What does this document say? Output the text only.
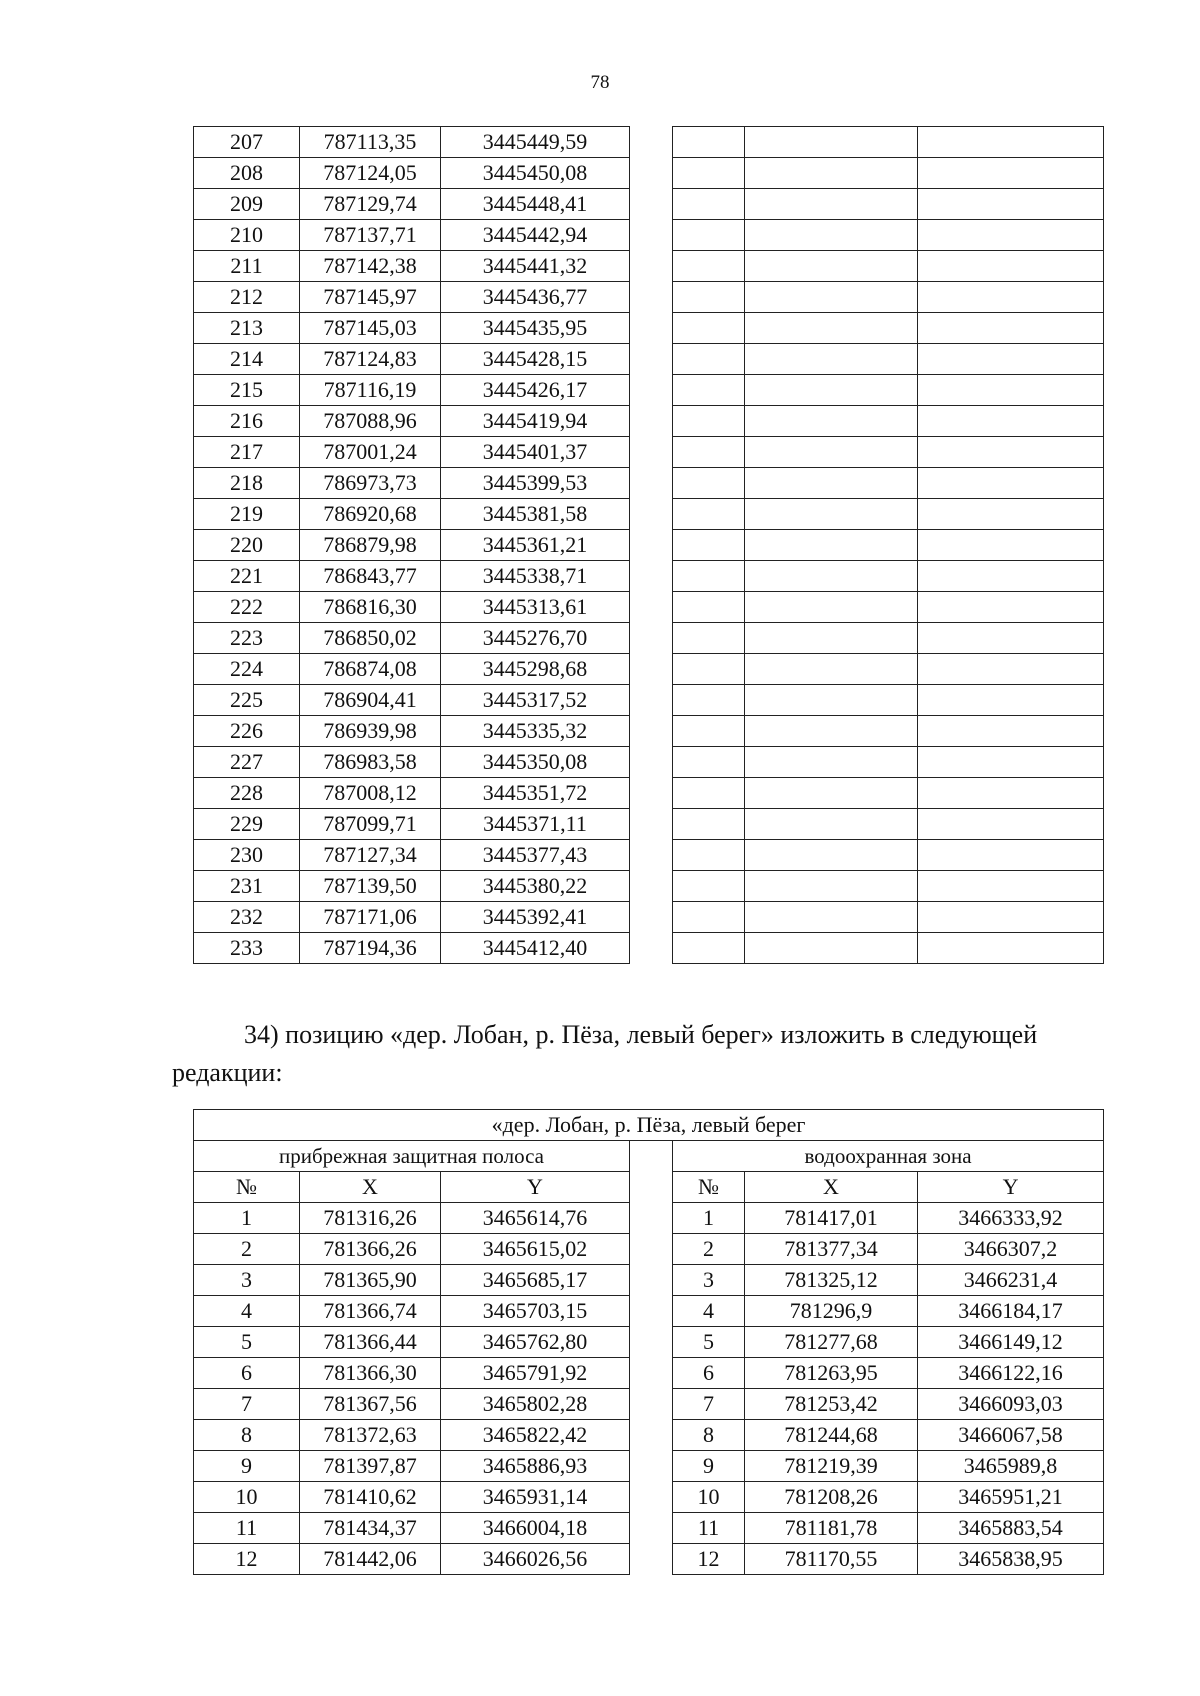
78
207	787113,35	3445449,59				
208	787124,05	3445450,08				
209	787129,74	3445448,41				
210	787137,71	3445442,94				
211	787142,38	3445441,32				
212	787145,97	3445436,77				
213	787145,03	3445435,95				
214	787124,83	3445428,15				
215	787116,19	3445426,17				
216	787088,96	3445419,94				
217	787001,24	3445401,37				
218	786973,73	3445399,53				
219	786920,68	3445381,58				
220	786879,98	3445361,21				
221	786843,77	3445338,71				
222	786816,30	3445313,61				
223	786850,02	3445276,70				
224	786874,08	3445298,68				
225	786904,41	3445317,52				
226	786939,98	3445335,32				
227	786983,58	3445350,08				
228	787008,12	3445351,72				
229	787099,71	3445371,11				
230	787127,34	3445377,43				
231	787139,50	3445380,22				
232	787171,06	3445392,41				
233	787194,36	3445412,40				
34) позицию «дер. Лобан, р. Пёза, левый берег» изложить в следующей редакции:
«дер. Лобан, р. Пёза, левый берег						
прибрежная защитная полоса				водоохранная зона		
№	X	Y		№	X	Y
1	781316,26	3465614,76		1	781417,01	3466333,92
2	781366,26	3465615,02		2	781377,34	3466307,2
3	781365,90	3465685,17		3	781325,12	3466231,4
4	781366,74	3465703,15		4	781296,9	3466184,17
5	781366,44	3465762,80		5	781277,68	3466149,12
6	781366,30	3465791,92		6	781263,95	3466122,16
7	781367,56	3465802,28		7	781253,42	3466093,03
8	781372,63	3465822,42		8	781244,68	3466067,58
9	781397,87	3465886,93		9	781219,39	3465989,8
10	781410,62	3465931,14		10	781208,26	3465951,21
11	781434,37	3466004,18		11	781181,78	3465883,54
12	781442,06	3466026,56		12	781170,55	3465838,95
